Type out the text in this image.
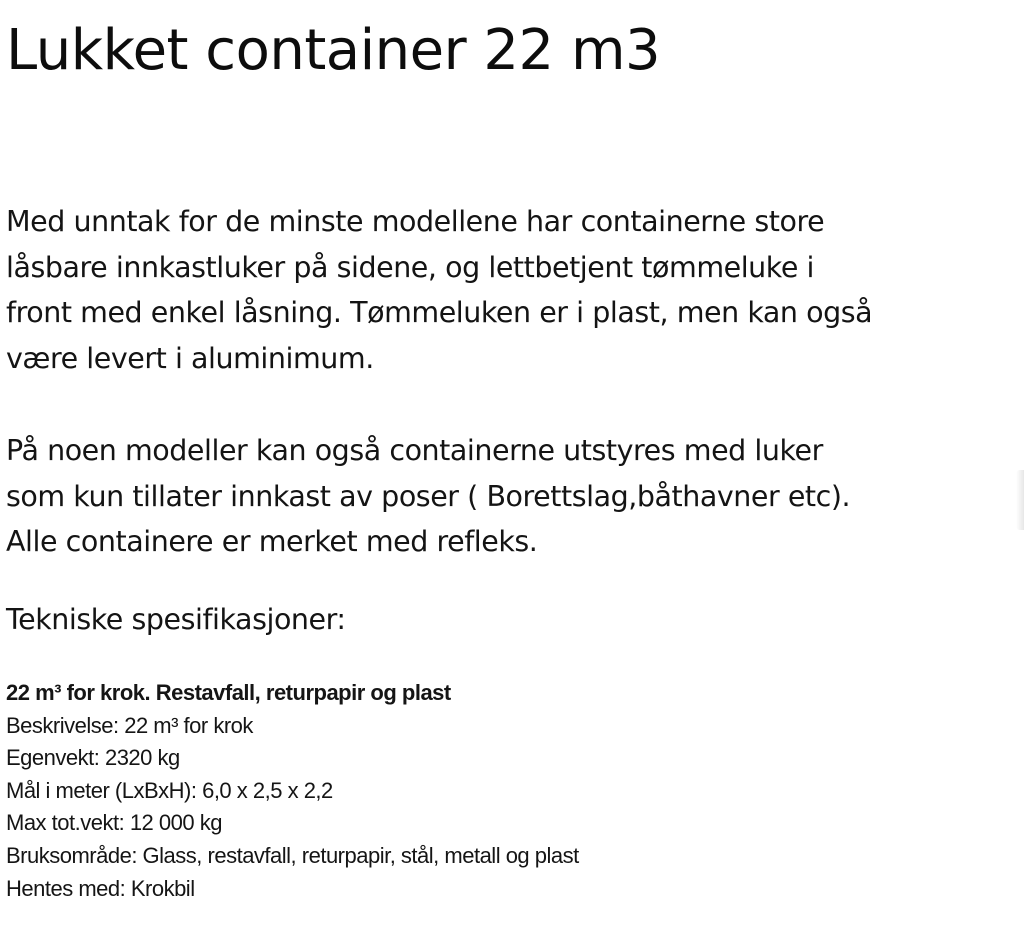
Lukket container 22 m3

Med unntak for de minste modellene har containerne store
låsbare innkastluker på sidene, og lettbetjent tømmeluke i
front med enkel låsning. Tømmeluken er i plast, men kan også
være levert i aluminimum.

På noen modeller kan også containerne utstyres med luker
som kun tillater innkast av poser ( Borettslag,båthavner etc).
Alle containere er merket med refleks.

Tekniske spesifikasjoner:
22 m³ for krok. Restavfall, returpapir og plast
Beskrivelse: 22 m³ for krok
Egenvekt: 2320 kg
Mål i meter (LxBxH): 6,0 x 2,5 x 2,2
Max tot.vekt: 12 000 kg
Bruksområde: Glass, restavfall, returpapir, stål, metall og plast
Hentes med: Krokbil
